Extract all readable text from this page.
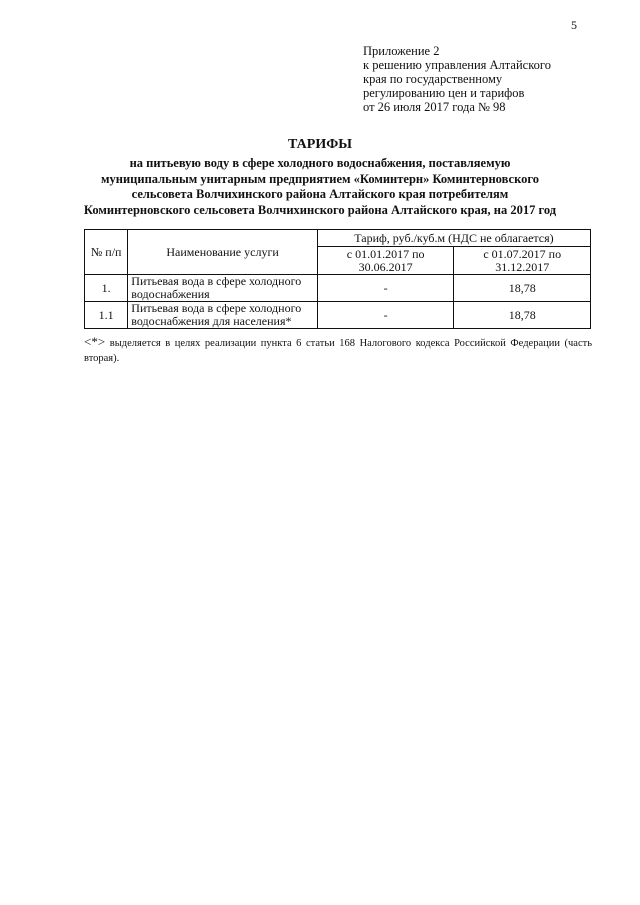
5
Приложение 2
к решению управления Алтайского
края по государственному
регулированию цен и тарифов
от 26 июля 2017 года № 98
ТАРИФЫ
на питьевую воду в сфере холодного водоснабжения, поставляемую
муниципальным унитарным предприятием «Коминтерн» Коминтерновского
сельсовета Волчихинского района Алтайского края потребителям
Коминтерновского сельсовета Волчихинского района Алтайского края, на 2017 год
№ п/п	Наименование услуги	Тариф, руб./куб.м (НДС не облагается)	
		с 01.01.2017 по 30.06.2017	с 01.07.2017 по 31.12.2017
1.	Питьевая вода в сфере холодного водоснабжения	-	18,78
1.1	Питьевая вода в сфере холодного водоснабжения для населения*	-	18,78
<*> выделяется в целях реализации пункта 6 статьи 168 Налогового кодекса Российской Федерации (часть вторая).
